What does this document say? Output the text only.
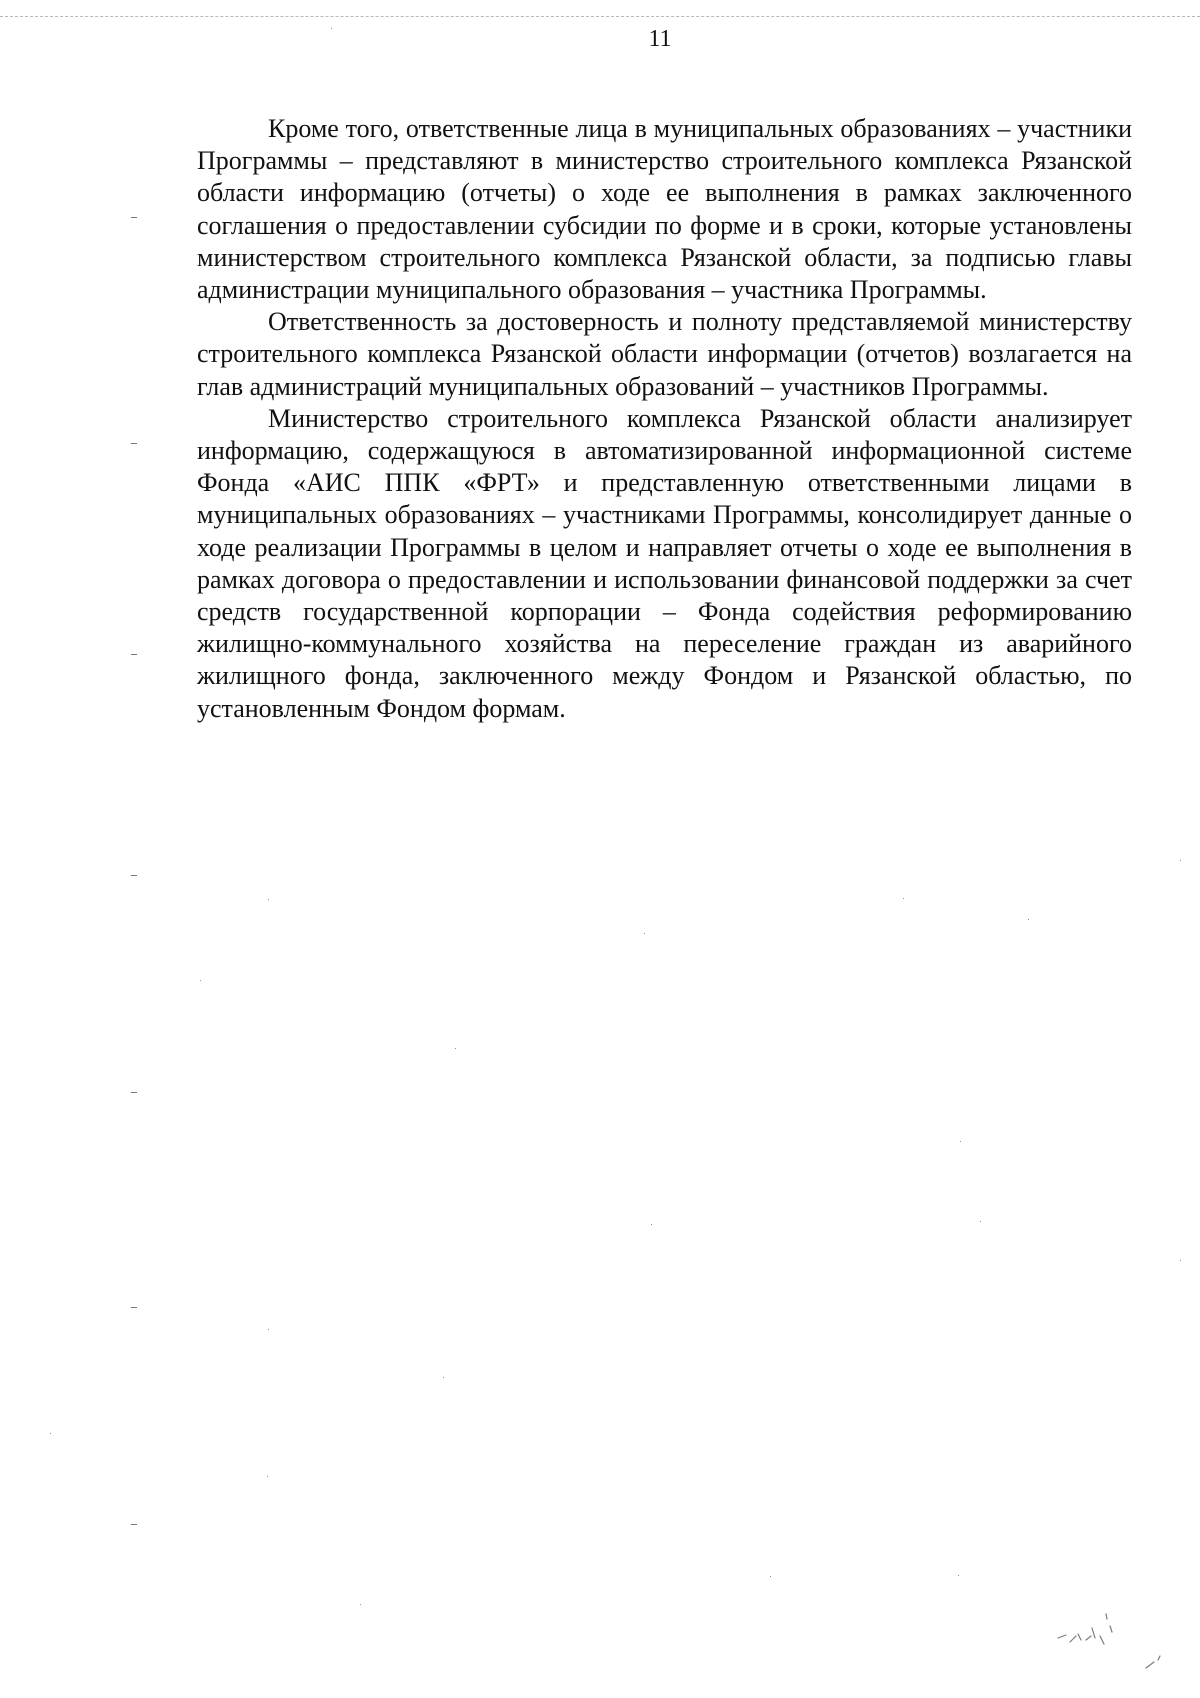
11

Кроме того, ответственные лица в муниципальных образованиях – участники Программы – представляют в министерство строительного комплекса Рязанской области информацию (отчеты) о ходе ее выполнения в рамках заключенного соглашения о предоставлении субсидии по форме и в сроки, которые установлены министерством строительного комплекса Рязанской области, за подписью главы администрации муниципального образования – участника Программы.

Ответственность за достоверность и полноту представляемой министерству строительного комплекса Рязанской области информации (отчетов) возлагается на глав администраций муниципальных образований – участников Программы.

Министерство строительного комплекса Рязанской области анализирует информацию, содержащуюся в автоматизированной информационной системе Фонда «АИС ППК «ФРТ» и представленную ответственными лицами в муниципальных образованиях – участниками Программы, консолидирует данные о ходе реализации Программы в целом и направляет отчеты о ходе ее выполнения в рамках договора о предоставлении и использовании финансовой поддержки за счет средств государственной корпорации – Фонда содействия реформированию жилищно-коммунального хозяйства на переселение граждан из аварийного жилищного фонда, заключенного между Фондом и Рязанской областью, по установленным Фондом формам.
